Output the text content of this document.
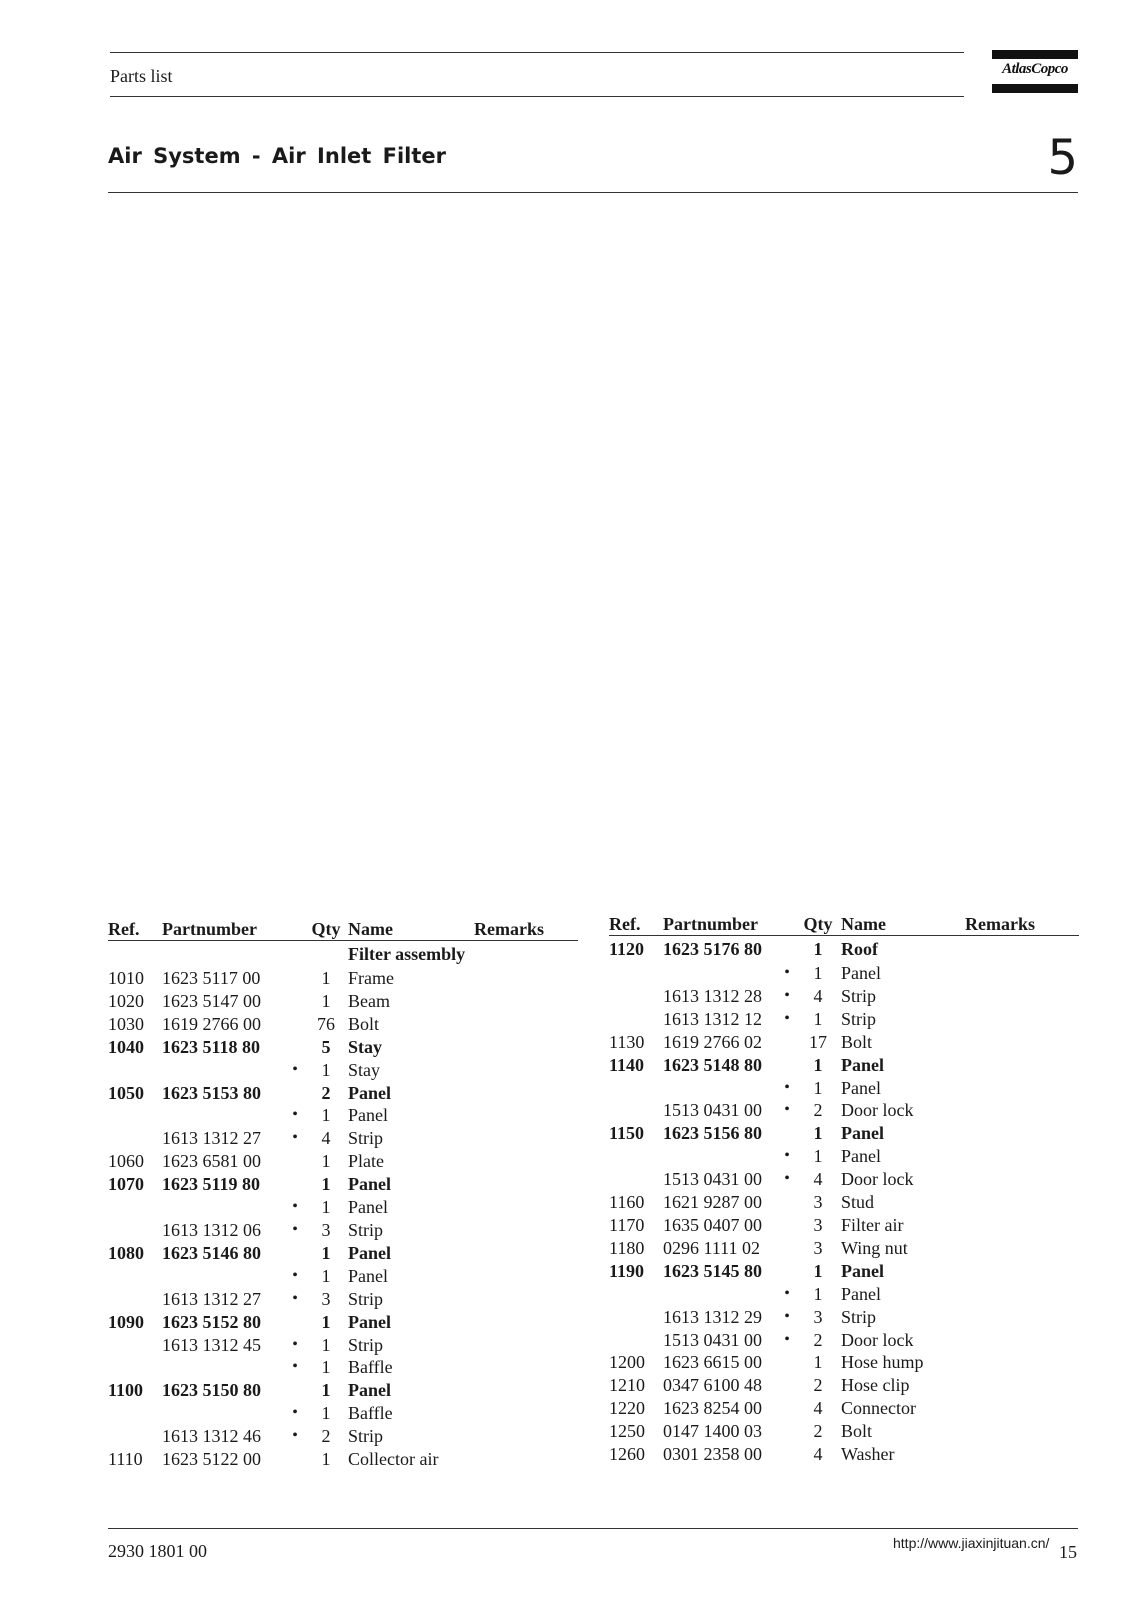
Parts list	AtlasCopco
Air System - Air Inlet Filter	5
Ref.	Partnumber		Qty	Name	Remarks
				Filter assembly	
1010	1623 5117 00		1	Frame	
1020	1623 5147 00		1	Beam	
1030	1619 2766 00		76	Bolt	
1040	1623 5118 80		5	Stay	
		•	1	Stay	
1050	1623 5153 80		2	Panel	
		•	1	Panel	
	1613 1312 27	•	4	Strip	
1060	1623 6581 00		1	Plate	
1070	1623 5119 80		1	Panel	
		•	1	Panel	
	1613 1312 06	•	3	Strip	
1080	1623 5146 80		1	Panel	
		•	1	Panel	
	1613 1312 27	•	3	Strip	
1090	1623 5152 80		1	Panel	
	1613 1312 45	•	1	Strip	
		•	1	Baffle	
1100	1623 5150 80		1	Panel	
		•	1	Baffle	
	1613 1312 46	•	2	Strip	
1110	1623 5122 00		1	Collector air	
Ref.	Partnumber		Qty	Name	Remarks
1120	1623 5176 80		1	Roof	
		•	1	Panel	
	1613 1312 28	•	4	Strip	
	1613 1312 12	•	1	Strip	
1130	1619 2766 02		17	Bolt	
1140	1623 5148 80		1	Panel	
		•	1	Panel	
	1513 0431 00	•	2	Door lock	
1150	1623 5156 80		1	Panel	
		•	1	Panel	
	1513 0431 00	•	4	Door lock	
1160	1621 9287 00		3	Stud	
1170	1635 0407 00		3	Filter air	
1180	0296 1111 02		3	Wing nut	
1190	1623 5145 80		1	Panel	
		•	1	Panel	
	1613 1312 29	•	3	Strip	
	1513 0431 00	•	2	Door lock	
1200	1623 6615 00		1	Hose hump	
1210	0347 6100 48		2	Hose clip	
1220	1623 8254 00		4	Connector	
1250	0147 1400 03		2	Bolt	
1260	0301 2358 00		4	Washer	
2930 1801 00	http://www.jiaxinjituan.cn/ 15
